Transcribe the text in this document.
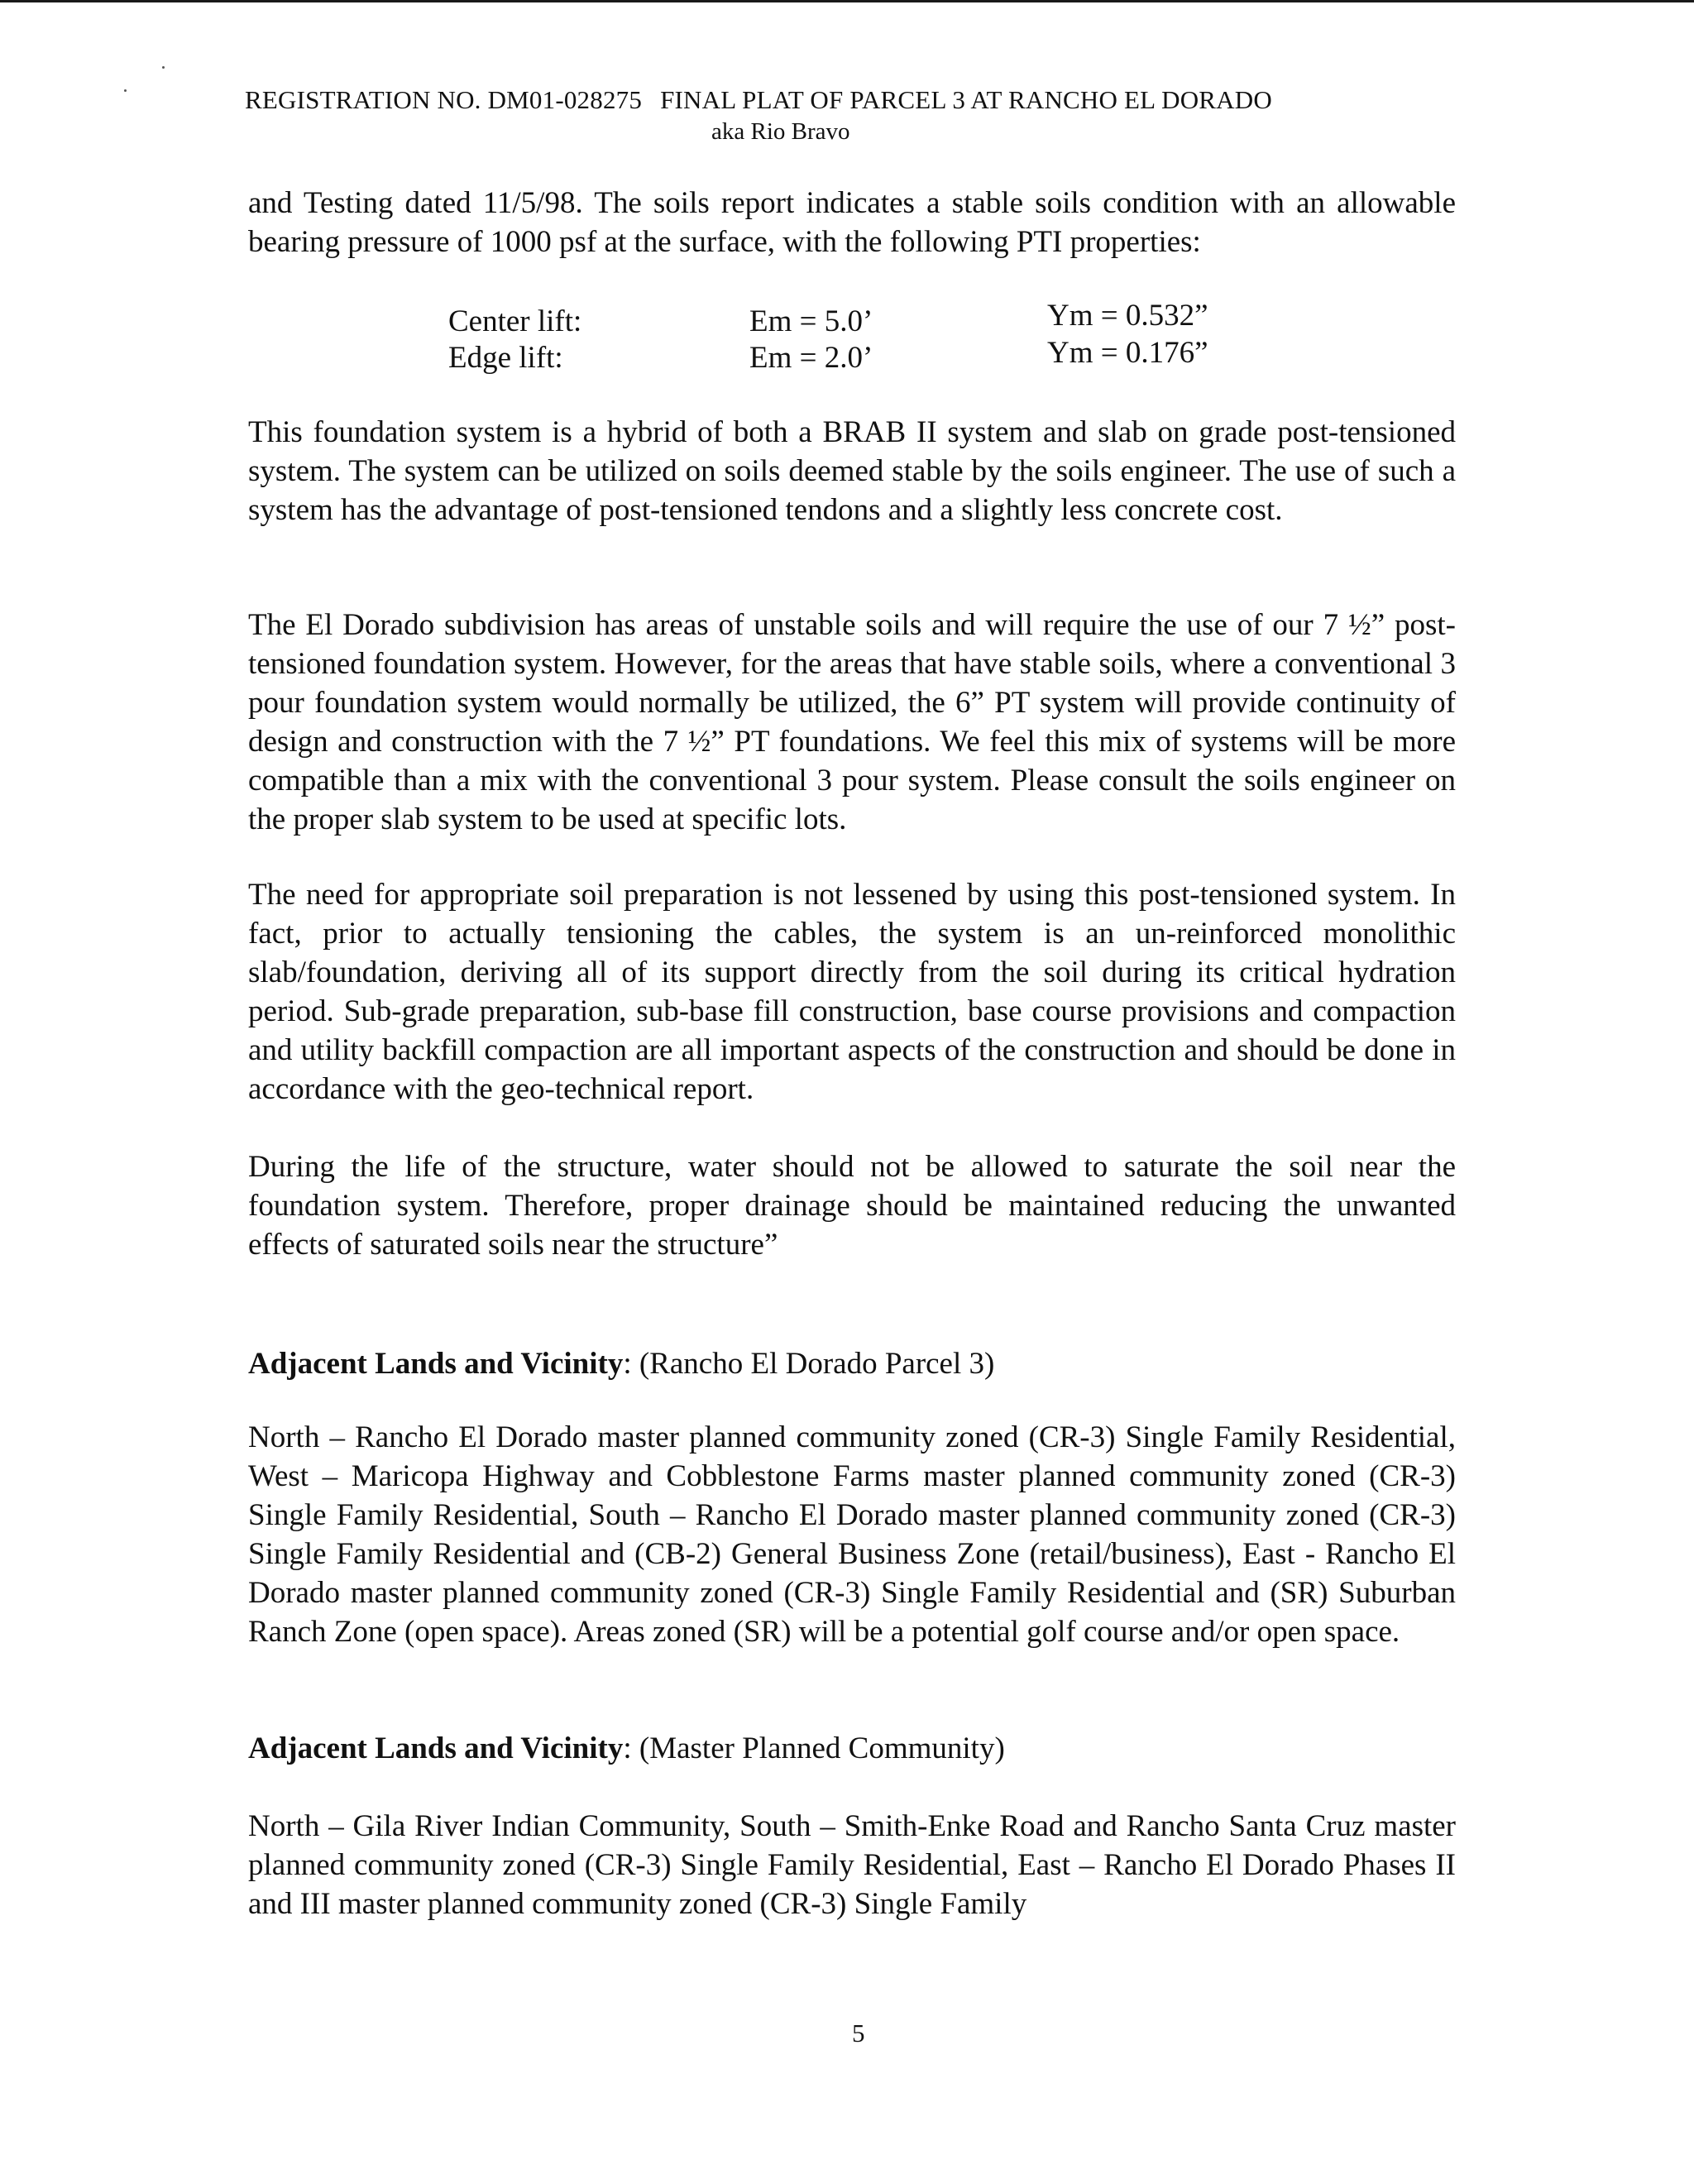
REGISTRATION NO. DM01-028275 FINAL PLAT OF PARCEL 3 AT RANCHO EL DORADO
aka Rio Bravo

and Testing dated 11/5/98. The soils report indicates a stable soils condition with an allowable bearing pressure of 1000 psf at the surface, with the following PTI properties:

Center lift:	Em = 5.0’	Ym = 0.532”
Edge lift:	Em = 2.0’	Ym = 0.176”

This foundation system is a hybrid of both a BRAB II system and slab on grade post-tensioned system. The system can be utilized on soils deemed stable by the soils engineer. The use of such a system has the advantage of post-tensioned tendons and a slightly less concrete cost.

The El Dorado subdivision has areas of unstable soils and will require the use of our 7 ½” post-tensioned foundation system. However, for the areas that have stable soils, where a conventional 3 pour foundation system would normally be utilized, the 6” PT system will provide continuity of design and construction with the 7 ½” PT foundations. We feel this mix of systems will be more compatible than a mix with the conventional 3 pour system. Please consult the soils engineer on the proper slab system to be used at specific lots.

The need for appropriate soil preparation is not lessened by using this post-tensioned system. In fact, prior to actually tensioning the cables, the system is an un-reinforced monolithic slab/foundation, deriving all of its support directly from the soil during its critical hydration period. Sub-grade preparation, sub-base fill construction, base course provisions and compaction and utility backfill compaction are all important aspects of the construction and should be done in accordance with the geo-technical report.

During the life of the structure, water should not be allowed to saturate the soil near the foundation system. Therefore, proper drainage should be maintained reducing the unwanted effects of saturated soils near the structure”

Adjacent Lands and Vicinity: (Rancho El Dorado Parcel 3)

North – Rancho El Dorado master planned community zoned (CR-3) Single Family Residential, West – Maricopa Highway and Cobblestone Farms master planned community zoned (CR-3) Single Family Residential, South – Rancho El Dorado master planned community zoned (CR-3) Single Family Residential and (CB-2) General Business Zone (retail/business), East - Rancho El Dorado master planned community zoned (CR-3) Single Family Residential and (SR) Suburban Ranch Zone (open space). Areas zoned (SR) will be a potential golf course and/or open space.

Adjacent Lands and Vicinity: (Master Planned Community)

North – Gila River Indian Community, South – Smith-Enke Road and Rancho Santa Cruz master planned community zoned (CR-3) Single Family Residential, East – Rancho El Dorado Phases II and III master planned community zoned (CR-3) Single Family

5
